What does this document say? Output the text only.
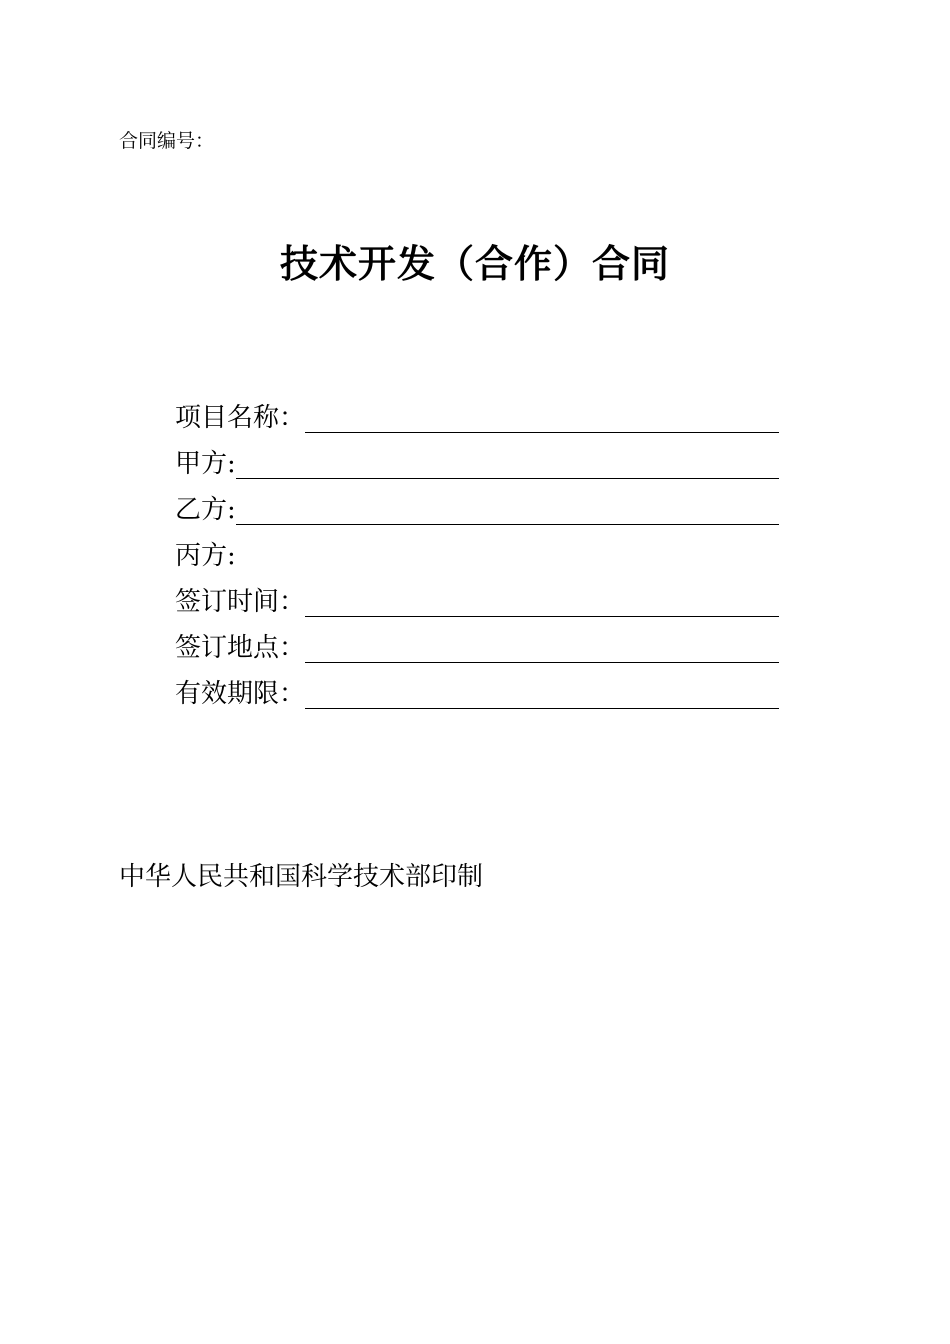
合同编号：
技术开发（合作）合同
项目名称：
甲方:
乙方:
丙方:
签订时间：
签订地点：
有效期限：
中华人民共和国科学技术部印制
